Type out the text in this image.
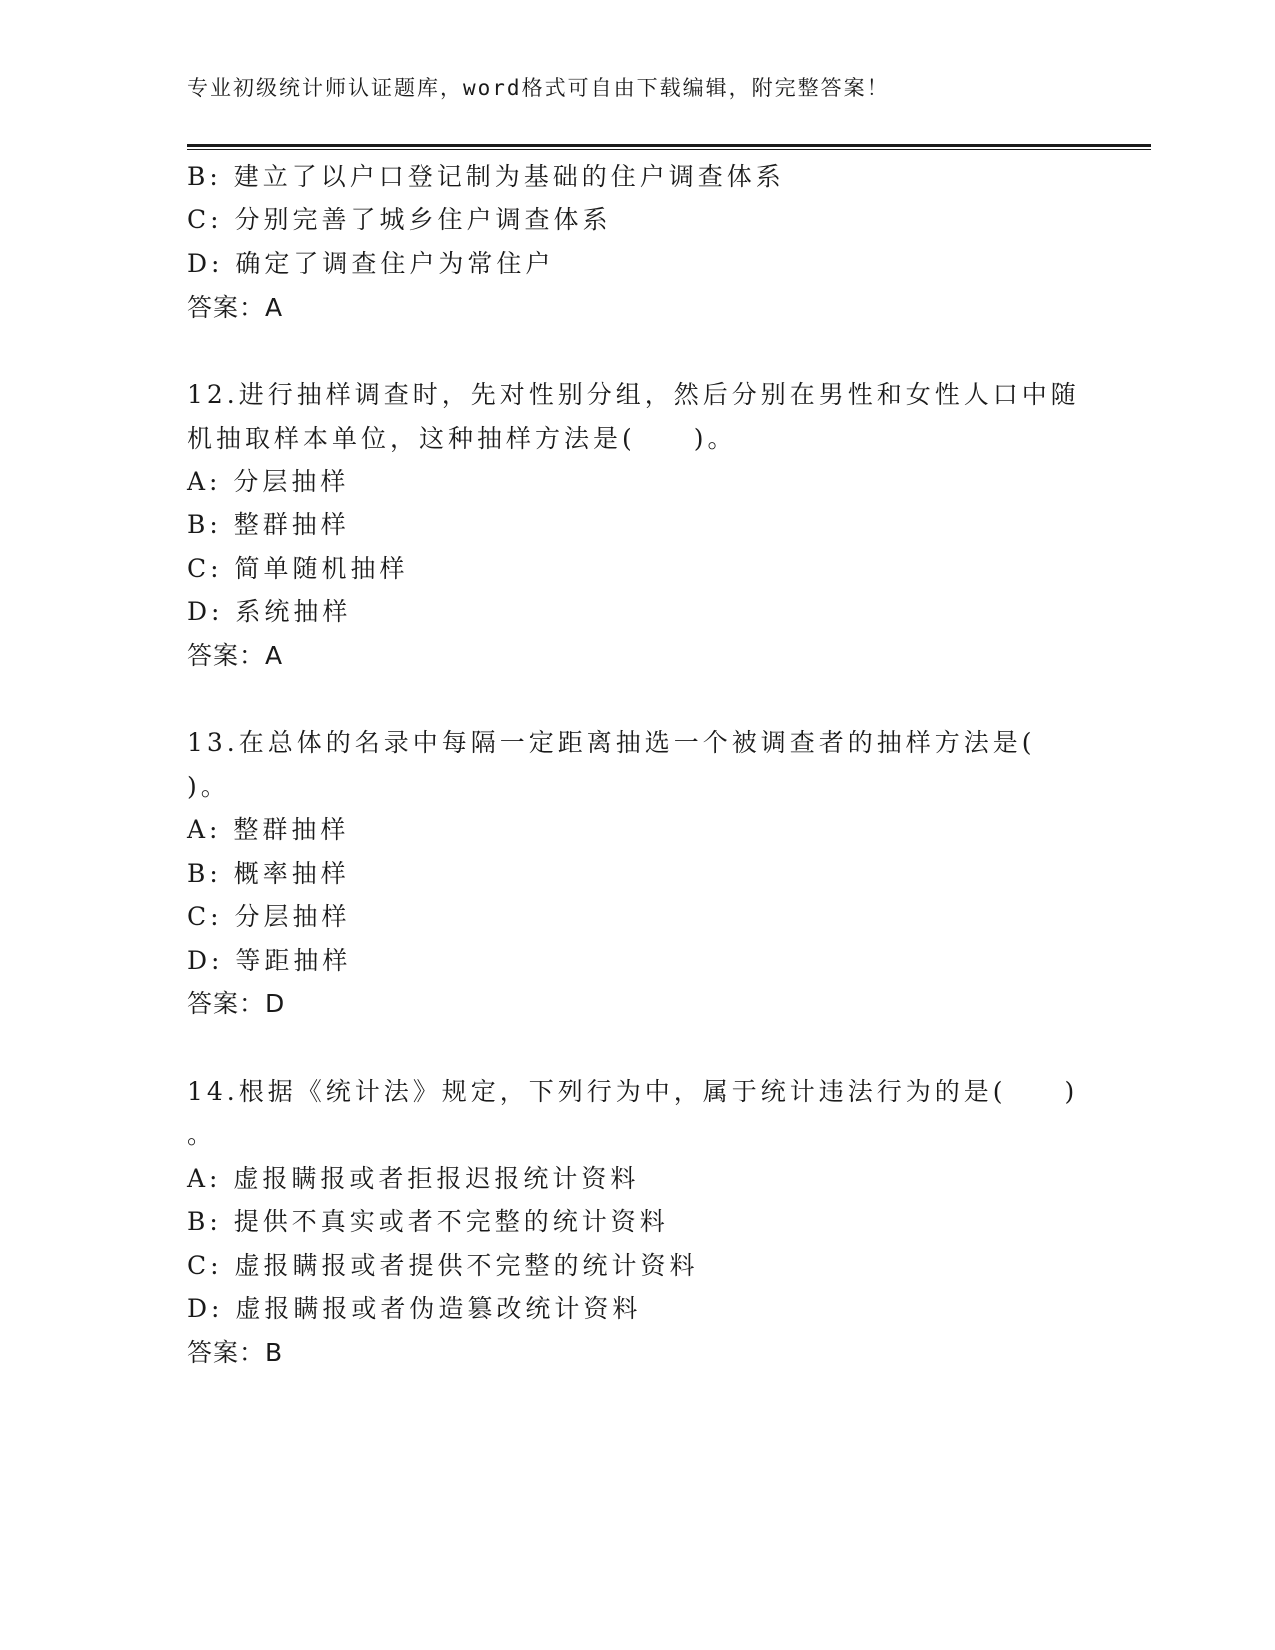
专业初级统计师认证题库，word格式可自由下载编辑，附完整答案！
B: 建立了以户口登记制为基础的住户调查体系
C: 分别完善了城乡住户调查体系
D: 确定了调查住户为常住户
答案：A
12.进行抽样调查时，先对性别分组，然后分别在男性和女性人口中随
机抽取样本单位，这种抽样方法是(　　)。
A: 分层抽样
B: 整群抽样
C: 简单随机抽样
D: 系统抽样
答案：A
13.在总体的名录中每隔一定距离抽选一个被调查者的抽样方法是(
)。
A: 整群抽样
B: 概率抽样
C: 分层抽样
D: 等距抽样
答案：D
14.根据《统计法》规定，下列行为中，属于统计违法行为的是(　　)
。
A: 虚报瞒报或者拒报迟报统计资料
B: 提供不真实或者不完整的统计资料
C: 虚报瞒报或者提供不完整的统计资料
D: 虚报瞒报或者伪造篡改统计资料
答案：B
